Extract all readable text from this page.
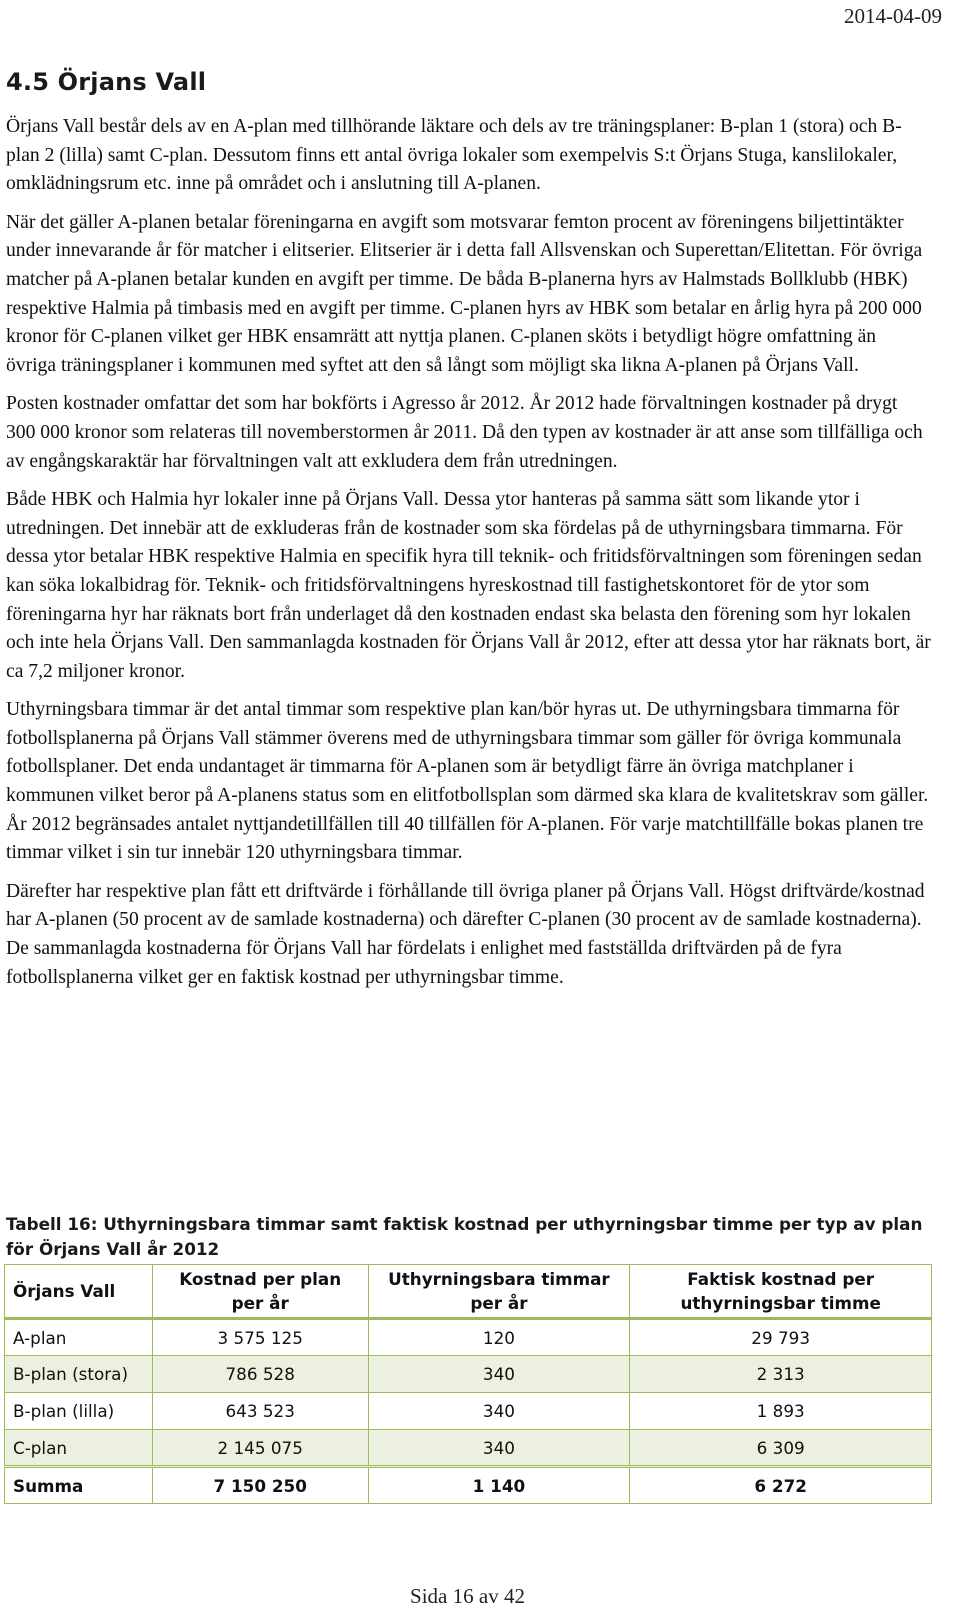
2014-04-09
4.5 Örjans Vall

Örjans Vall består dels av en A-plan med tillhörande läktare och dels av tre träningsplaner: B-plan 1 (stora) och B-plan 2 (lilla) samt C-plan. Dessutom finns ett antal övriga lokaler som exempelvis S:t Örjans Stuga, kanslilokaler, omklädningsrum etc. inne på området och i anslutning till A-planen.

När det gäller A-planen betalar föreningarna en avgift som motsvarar femton procent av föreningens biljettintäkter under innevarande år för matcher i elitserier. Elitserier är i detta fall Allsvenskan och Superettan/Elitettan. För övriga matcher på A-planen betalar kunden en avgift per timme. De båda B-planerna hyrs av Halmstads Bollklubb (HBK) respektive Halmia på timbasis med en avgift per timme. C-planen hyrs av HBK som betalar en årlig hyra på 200 000 kronor för C-planen vilket ger HBK ensamrätt att nyttja planen. C-planen sköts i betydligt högre omfattning än övriga träningsplaner i kommunen med syftet att den så långt som möjligt ska likna A-planen på Örjans Vall.

Posten kostnader omfattar det som har bokförts i Agresso år 2012. År 2012 hade förvaltningen kostnader på drygt 300 000 kronor som relateras till novemberstormen år 2011. Då den typen av kostnader är att anse som tillfälliga och av engångskaraktär har förvaltningen valt att exkludera dem från utredningen.

Både HBK och Halmia hyr lokaler inne på Örjans Vall. Dessa ytor hanteras på samma sätt som likande ytor i utredningen. Det innebär att de exkluderas från de kostnader som ska fördelas på de uthyrningsbara timmarna. För dessa ytor betalar HBK respektive Halmia en specifik hyra till teknik- och fritidsförvaltningen som föreningen sedan kan söka lokalbidrag för. Teknik- och fritidsförvaltningens hyreskostnad till fastighetskontoret för de ytor som föreningarna hyr har räknats bort från underlaget då den kostnaden endast ska belasta den förening som hyr lokalen och inte hela Örjans Vall. Den sammanlagda kostnaden för Örjans Vall år 2012, efter att dessa ytor har räknats bort, är ca 7,2 miljoner kronor.

Uthyrningsbara timmar är det antal timmar som respektive plan kan/bör hyras ut. De uthyrningsbara timmarna för fotbollsplanerna på Örjans Vall stämmer överens med de uthyrningsbara timmar som gäller för övriga kommunala fotbollsplaner. Det enda undantaget är timmarna för A-planen som är betydligt färre än övriga matchplaner i kommunen vilket beror på A-planens status som en elitfotbollsplan som därmed ska klara de kvalitetskrav som gäller. År 2012 begränsades antalet nyttjandetillfällen till 40 tillfällen för A-planen. För varje matchtillfälle bokas planen tre timmar vilket i sin tur innebär 120 uthyrningsbara timmar.

Därefter har respektive plan fått ett driftvärde i förhållande till övriga planer på Örjans Vall. Högst driftvärde/kostnad har A-planen (50 procent av de samlade kostnaderna) och därefter C-planen (30 procent av de samlade kostnaderna). De sammanlagda kostnaderna för Örjans Vall har fördelats i enlighet med fastställda driftvärden på de fyra fotbollsplanerna vilket ger en faktisk kostnad per uthyrningsbar timme.

Tabell 16: Uthyrningsbara timmar samt faktisk kostnad per uthyrningsbar timme per typ av plan för Örjans Vall år 2012
Örjans Vall	Kostnad per plan per år	Uthyrningsbara timmar per år	Faktisk kostnad per uthyrningsbar timme
A-plan	3 575 125	120	29 793
B-plan (stora)	786 528	340	2 313
B-plan (lilla)	643 523	340	1 893
C-plan	2 145 075	340	6 309
Summa	7 150 250	1 140	6 272
Sida 16 av 42
